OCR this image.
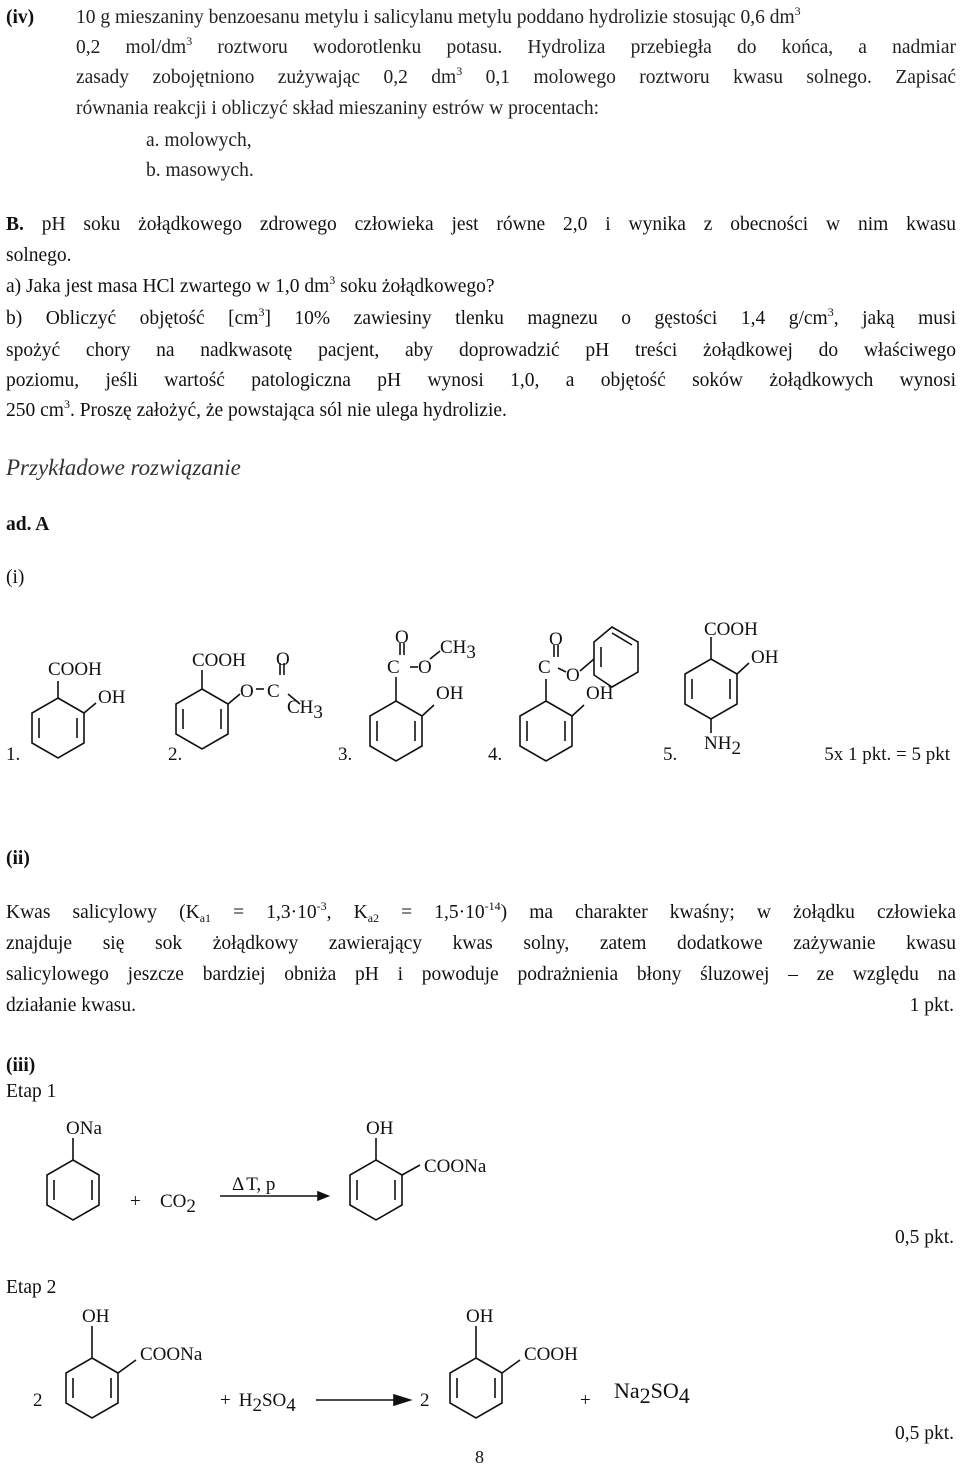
(iv) 10 g mieszaniny benzoesanu metylu i salicylanu metylu poddano hydrolizie stosując 0,6 $dm^3$
0,2 mol/$dm^3$ roztworu wodorotlenku potasu. Hydroliza przebiegła do końca, a nadmiar
zasady zobojętniono zużywając 0,2 $dm^3$ 0,1 molowego roztworu kwasu solnego. Zapisać
równania reakcji i obliczyć skład mieszaniny estrów w procentach:
a. molowych,
b. masowych.
B. pH soku żołądkowego zdrowego człowieka jest równe 2,0 i wynika z obecności w nim kwasu
solnego.
a) Jaka jest masa HCl zwartego w 1,0 $dm^3$ soku żołądkowego?
b) Obliczyć objętość $[cm^3]$ 10% zawiesiny tlenku magnezu o gęstości 1,4 $g/cm^3$, jaką musi
spożyć chory na nadkwasotę pacjent, aby doprowadzić pH treści żołądkowej do właściwego
poziomu, jeśli wartość patologiczna pH wynosi 1,0, a objętość soków żołądkowych wynosi
250 $cm^3$. Proszę założyć, że powstająca sól nie ulega hydrolizie.
Przykładowe rozwiązanie
ad. A
(i)
COOH
OH
1.
COOH
O C
O
CH3
2.
O
C O
CH3
OH
3.
O
C O
OH
4.
COOH
OH
NH2
5.	5x 1 pkt. = 5 pkt
(ii)
Kwas salicylowy ($K_{a1} = 1,3\cdot 10^{-3}$, $K_{a2} = 1,5\cdot 10^{-14}$) ma charakter kwaśny; w żołądku człowieka
znajduje się sok żołądkowy zawierający kwas solny, zatem dodatkowe zażywanie kwasu
salicylowego jeszcze bardziej obniża pH i powoduje podrażnienia błony śluzowej – ze względu na
działanie kwasu.	1 pkt.
(iii)
Etap 1
ONa
+ CO2
Δ T, p
OH
COONa
0,5 pkt.
Etap 2
2
OH
COONa
+ H2SO4	2
OH
COOH
+ Na2SO4
0,5 pkt.
8
